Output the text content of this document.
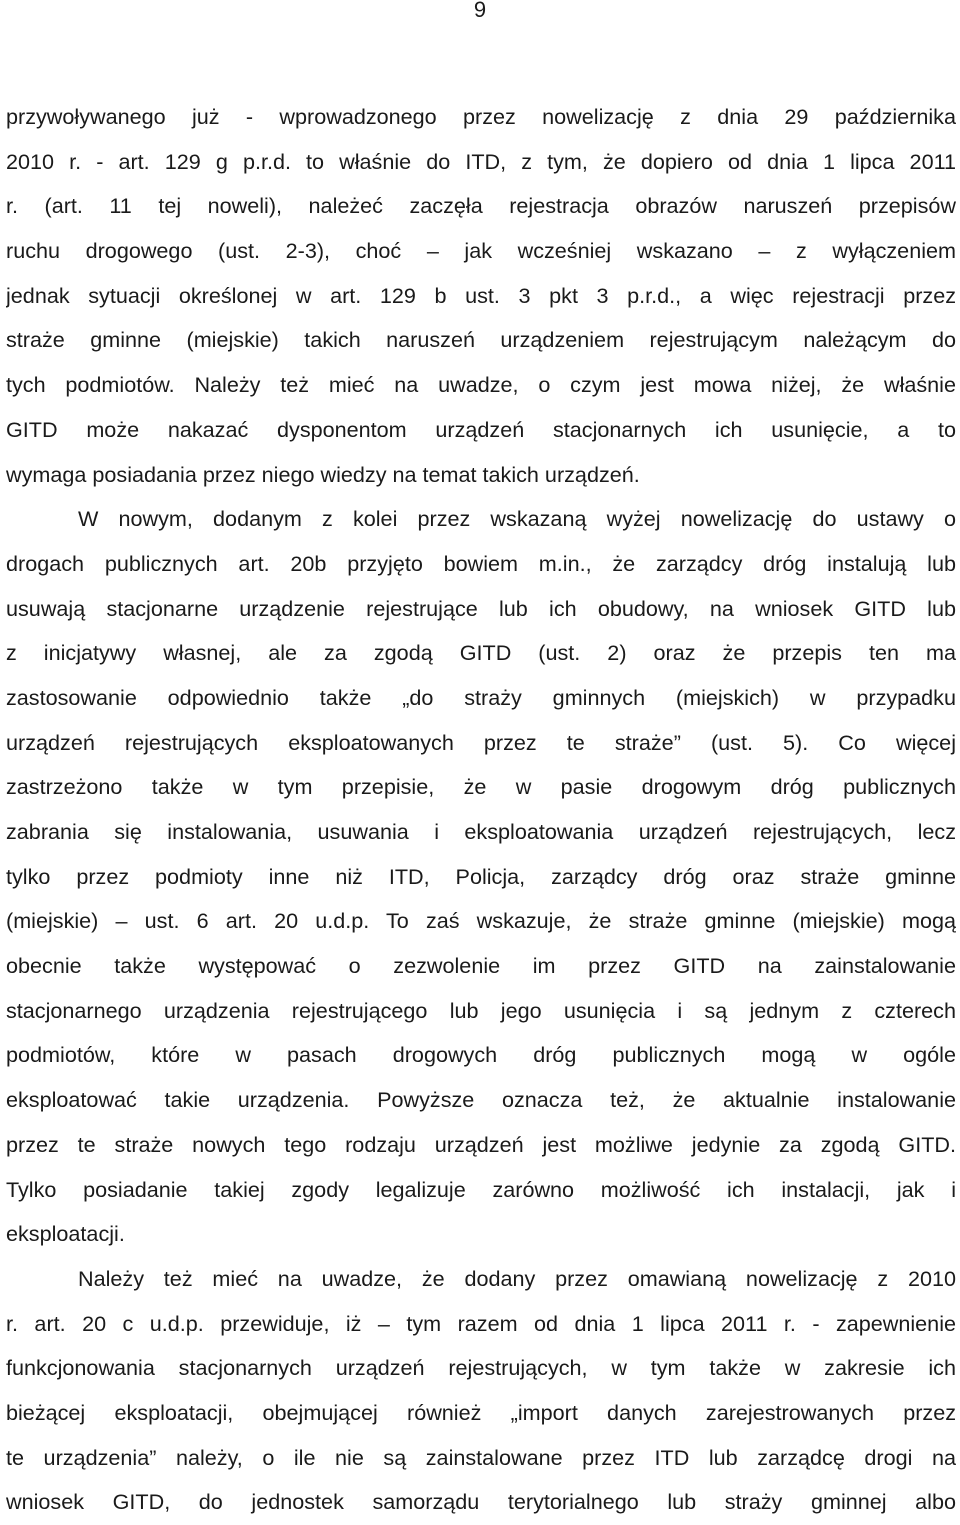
9
przywoływanego już - wprowadzonego przez nowelizację z dnia 29 października
2010 r. - art. 129 g p.r.d. to właśnie do ITD, z tym, że dopiero od dnia 1 lipca 2011
r. (art. 11 tej noweli), należeć zaczęła rejestracja obrazów naruszeń przepisów
ruchu drogowego (ust. 2-3), choć – jak wcześniej wskazano – z wyłączeniem
jednak sytuacji określonej w art. 129 b ust. 3 pkt 3 p.r.d., a więc rejestracji przez
straże gminne (miejskie) takich naruszeń urządzeniem rejestrującym należącym do
tych podmiotów. Należy też mieć na uwadze, o czym jest mowa niżej, że właśnie
GITD może nakazać dysponentom urządzeń stacjonarnych ich usunięcie, a to
wymaga posiadania przez niego wiedzy na temat takich urządzeń.
W nowym, dodanym z kolei przez wskazaną wyżej nowelizację do ustawy o
drogach publicznych art. 20b przyjęto bowiem m.in., że zarządcy dróg instalują lub
usuwają stacjonarne urządzenie rejestrujące lub ich obudowy, na wniosek GITD lub
z inicjatywy własnej, ale za zgodą GITD (ust. 2) oraz że przepis ten ma
zastosowanie odpowiednio także „do straży gminnych (miejskich) w przypadku
urządzeń rejestrujących eksploatowanych przez te straże” (ust. 5). Co więcej
zastrzeżono także w tym przepisie, że w pasie drogowym dróg publicznych
zabrania się instalowania, usuwania i eksploatowania urządzeń rejestrujących, lecz
tylko przez podmioty inne niż ITD, Policja, zarządcy dróg oraz straże gminne
(miejskie) – ust. 6 art. 20 u.d.p. To zaś wskazuje, że straże gminne (miejskie) mogą
obecnie także występować o zezwolenie im przez GITD na zainstalowanie
stacjonarnego urządzenia rejestrującego lub jego usunięcia i są jednym z czterech
podmiotów, które w pasach drogowych dróg publicznych mogą w ogóle
eksploatować takie urządzenia. Powyższe oznacza też, że aktualnie instalowanie
przez te straże nowych tego rodzaju urządzeń jest możliwe jedynie za zgodą GITD.
Tylko posiadanie takiej zgody legalizuje zarówno możliwość ich instalacji, jak i
eksploatacji.
Należy też mieć na uwadze, że dodany przez omawianą nowelizację z 2010
r. art. 20 c u.d.p. przewiduje, iż – tym razem od dnia 1 lipca 2011 r. - zapewnienie
funkcjonowania stacjonarnych urządzeń rejestrujących, w tym także w zakresie ich
bieżącej eksploatacji, obejmującej również „import danych zarejestrowanych przez
te urządzenia” należy, o ile nie są zainstalowane przez ITD lub zarządcę drogi na
wniosek GITD, do jednostek samorządu terytorialnego lub straży gminnej albo
